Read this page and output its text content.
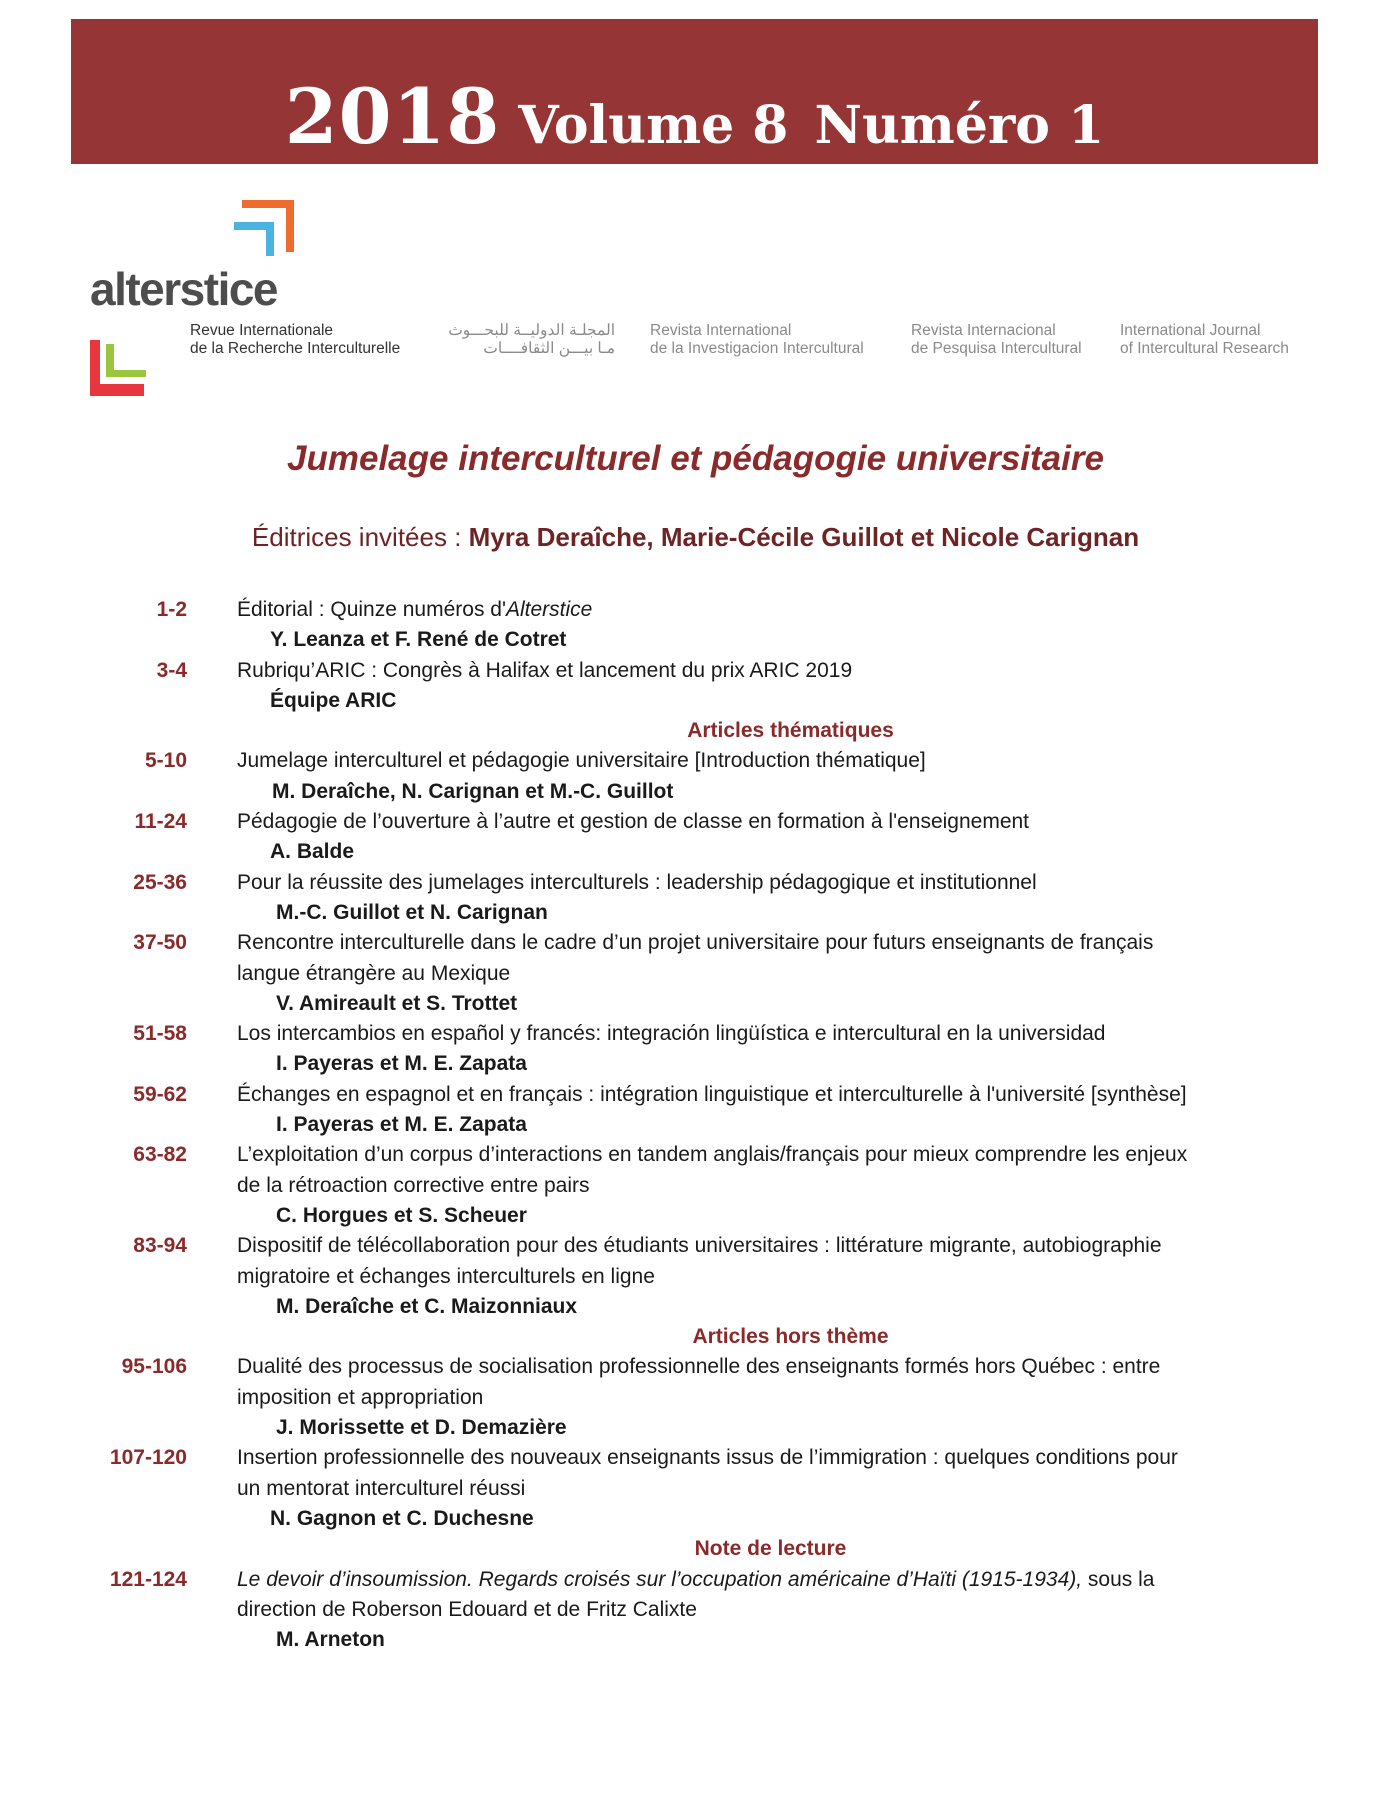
2018 Volume 8 Numéro 1
alterstice
Revue Internationale
de la Recherche Interculturelle
المجلـة الدوليــة للبحـــوث
مـا بيـــن الثقافــــات
Revista International
de la Investigacion Intercultural
Revista Internacional
de Pesquisa Intercultural
International Journal
of Intercultural Research
Jumelage interculturel et pédagogie universitaire
Éditrices invitées : Myra Deraîche, Marie-Cécile Guillot et Nicole Carignan
1-2 Éditorial : Quinze numéros d'Alterstice
Y. Leanza et F. René de Cotret
3-4 Rubriqu’ARIC : Congrès à Halifax et lancement du prix ARIC 2019
Équipe ARIC
Articles thématiques
5-10 Jumelage interculturel et pédagogie universitaire [Introduction thématique]
M. Deraîche, N. Carignan et M.-C. Guillot
11-24 Pédagogie de l’ouverture à l’autre et gestion de classe en formation à l'enseignement
A. Balde
25-36 Pour la réussite des jumelages interculturels : leadership pédagogique et institutionnel
M.-C. Guillot et N. Carignan
37-50 Rencontre interculturelle dans le cadre d’un projet universitaire pour futurs enseignants de français
langue étrangère au Mexique
V. Amireault et S. Trottet
51-58 Los intercambios en español y francés: integración lingüística e intercultural en la universidad
I. Payeras et M. E. Zapata
59-62 Échanges en espagnol et en français : intégration linguistique et interculturelle à l'université [synthèse]
I. Payeras et M. E. Zapata
63-82 L’exploitation d’un corpus d’interactions en tandem anglais/français pour mieux comprendre les enjeux
de la rétroaction corrective entre pairs
C. Horgues et S. Scheuer
83-94 Dispositif de télécollaboration pour des étudiants universitaires : littérature migrante, autobiographie
migratoire et échanges interculturels en ligne
M. Deraîche et C. Maizonniaux
Articles hors thème
95-106 Dualité des processus de socialisation professionnelle des enseignants formés hors Québec : entre
imposition et appropriation
J. Morissette et D. Demazière
107-120 Insertion professionnelle des nouveaux enseignants issus de l’immigration : quelques conditions pour
un mentorat interculturel réussi
N. Gagnon et C. Duchesne
Note de lecture
121-124 Le devoir d’insoumission. Regards croisés sur l’occupation américaine d’Haïti (1915-1934), sous la
direction de Roberson Edouard et de Fritz Calixte
M. Arneton
